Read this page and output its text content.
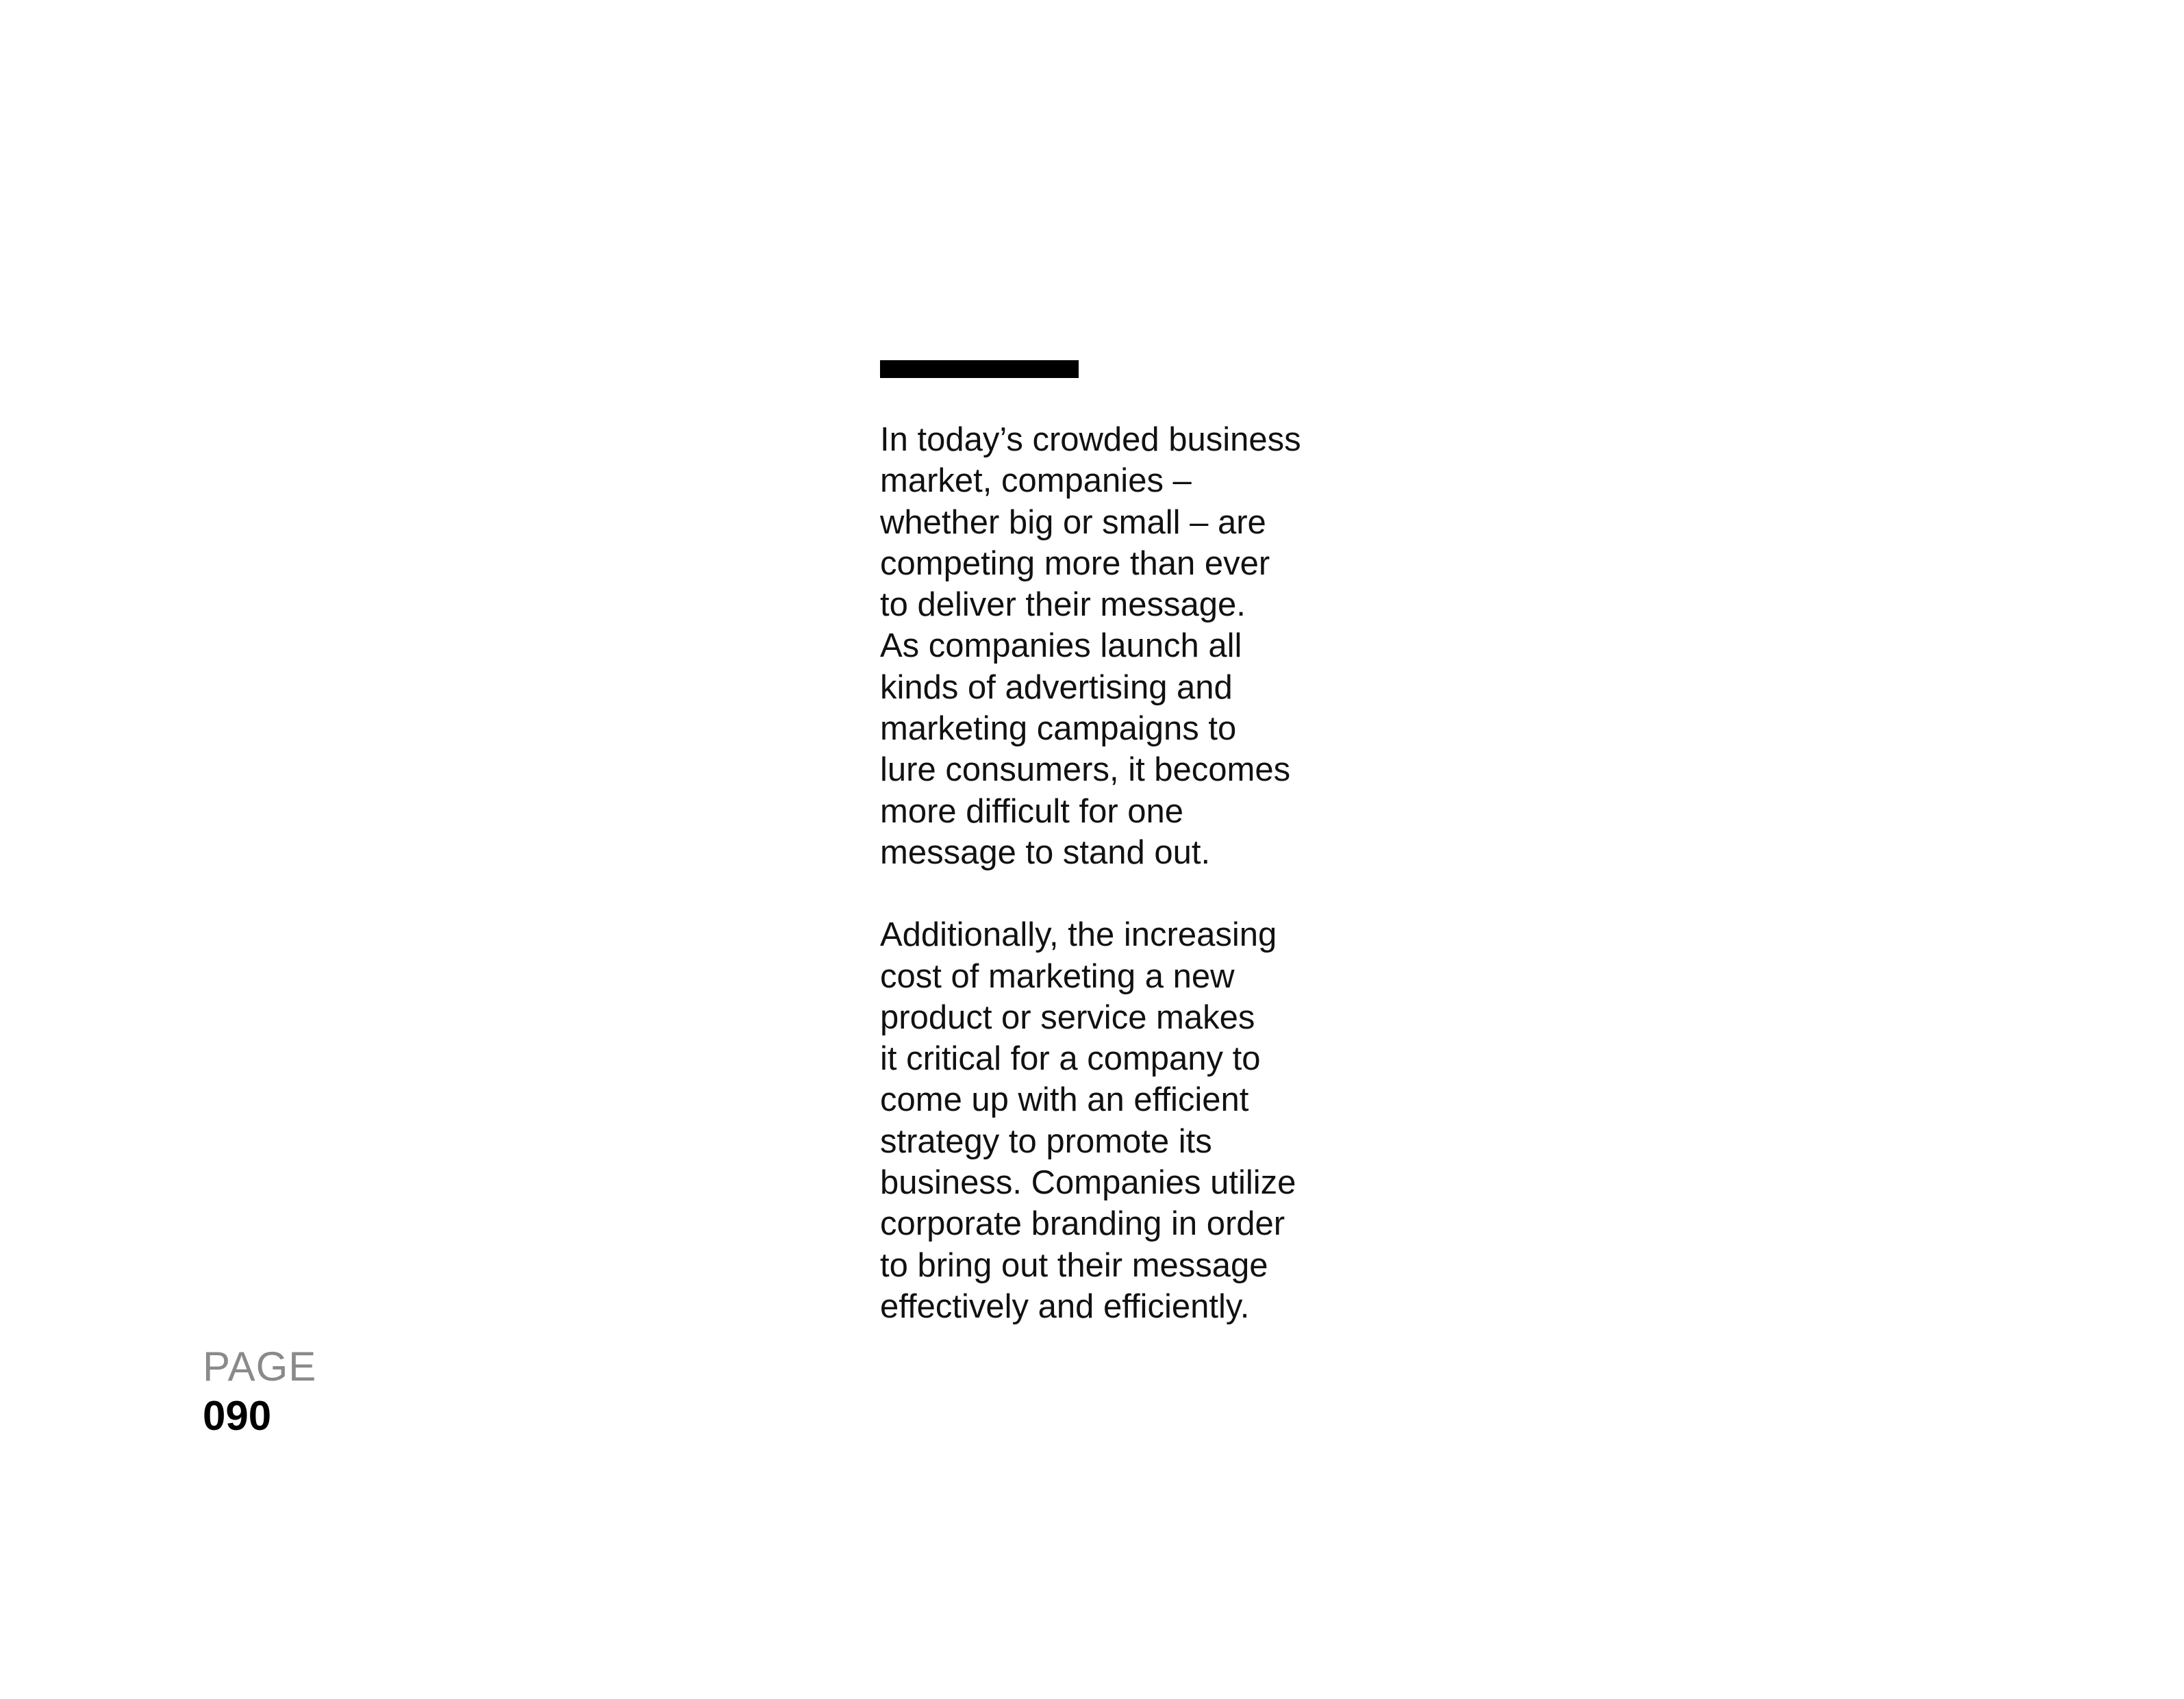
In today’s crowded business
market, companies –
whether big or small – are
competing more than ever
to deliver their message.
As companies launch all
kinds of advertising and
marketing campaigns to
lure consumers, it becomes
more difficult for one
message to stand out.

Additionally, the increasing
cost of marketing a new
product or service makes
it critical for a company to
come up with an efficient
strategy to promote its
business. Companies utilize
corporate branding in order
to bring out their message
effectively and efficiently.

PAGE
090
